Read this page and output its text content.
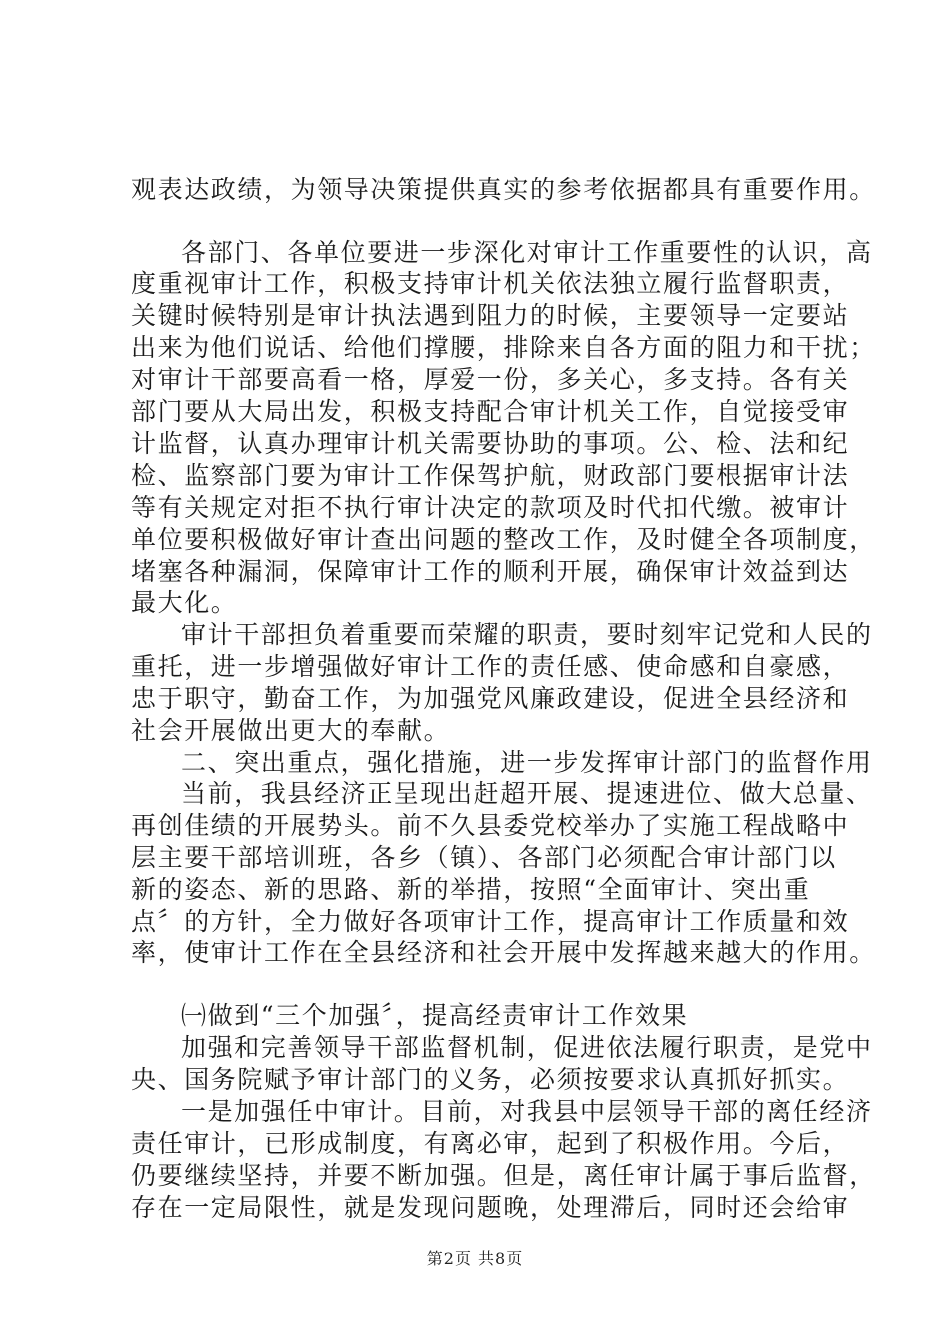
观表达政绩，为领导决策提供真实的参考依据都具有重要作用。
各部门、各单位要进一步深化对审计工作重要性的认识，高
度重视审计工作，积极支持审计机关依法独立履行监督职责，
关键时候特别是审计执法遇到阻力的时候，主要领导一定要站
出来为他们说话、给他们撑腰，排除来自各方面的阻力和干扰；
对审计干部要高看一格，厚爱一份，多关心，多支持。各有关
部门要从大局出发，积极支持配合审计机关工作，自觉接受审
计监督，认真办理审计机关需要协助的事项。公、检、法和纪
检、监察部门要为审计工作保驾护航，财政部门要根据审计法
等有关规定对拒不执行审计决定的款项及时代扣代缴。被审计
单位要积极做好审计查出问题的整改工作，及时健全各项制度，
堵塞各种漏洞，保障审计工作的顺利开展，确保审计效益到达
最大化。
审计干部担负着重要而荣耀的职责，要时刻牢记党和人民的
重托，进一步增强做好审计工作的责任感、使命感和自豪感，
忠于职守，勤奋工作，为加强党风廉政建设，促进全县经济和
社会开展做出更大的奉献。
二、突出重点，强化措施，进一步发挥审计部门的监督作用
当前，我县经济正呈现出赶超开展、提速进位、做大总量、
再创佳绩的开展势头。前不久县委党校举办了实施工程战略中
层主要干部培训班，各乡（镇）、各部门必须配合审计部门以
新的姿态、新的思路、新的举措，按照“全面审计、突出重
点〞的方针，全力做好各项审计工作，提高审计工作质量和效
率，使审计工作在全县经济和社会开展中发挥越来越大的作用。
㈠做到“三个加强〞，提高经责审计工作效果
加强和完善领导干部监督机制，促进依法履行职责，是党中
央、国务院赋予审计部门的义务，必须按要求认真抓好抓实。
一是加强任中审计。目前，对我县中层领导干部的离任经济
责任审计，已形成制度，有离必审，起到了积极作用。今后，
仍要继续坚持，并要不断加强。但是，离任审计属于事后监督，
存在一定局限性，就是发现问题晚，处理滞后，同时还会给审
第2页 共8页
